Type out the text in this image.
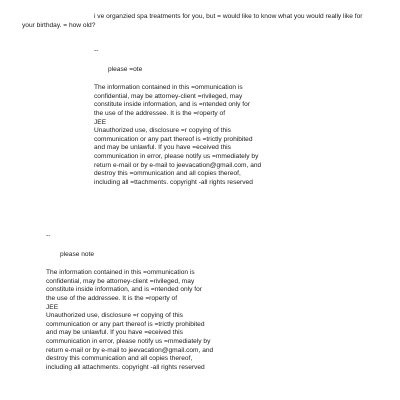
i ve organzied spa treatments for you, but = would like to know what you would really like for
your birthday. = how old?
--
please =ote
The information contained in this =ommunication is
confidential, may be attorney-client =rivileged, may
constitute inside information, and is =ntended only for
the use of the addressee. It is the =roperty of
JEE
Unauthorized use, disclosure =r copying of this
communication or any part thereof is =trictly prohibited
and may be unlawful. If you have =eceived this
communication in error, please notify us =mmediately by
return e-mail or by e-mail to jeevacation@gmail.com, and
destroy this =ommunication and all copies thereof,
including all =ttachments. copyright -all rights reserved
--
please note
The information contained in this =ommunication is
confidential, may be attorney-client =rivileged, may
constitute inside information, and is =ntended only for
the use of the addressee. It is the =roperty of
JEE
Unauthorized use, disclosure =r copying of this
communication or any part thereof is =trictly prohibited
and may be unlawful. If you have =eceived this
communication in error, please notify us =mmediately by
return e-mail or by e-mail to jeevacation@gmail.com, and
destroy this communication and all copies thereof,
including all attachments. copyright -all rights reserved
